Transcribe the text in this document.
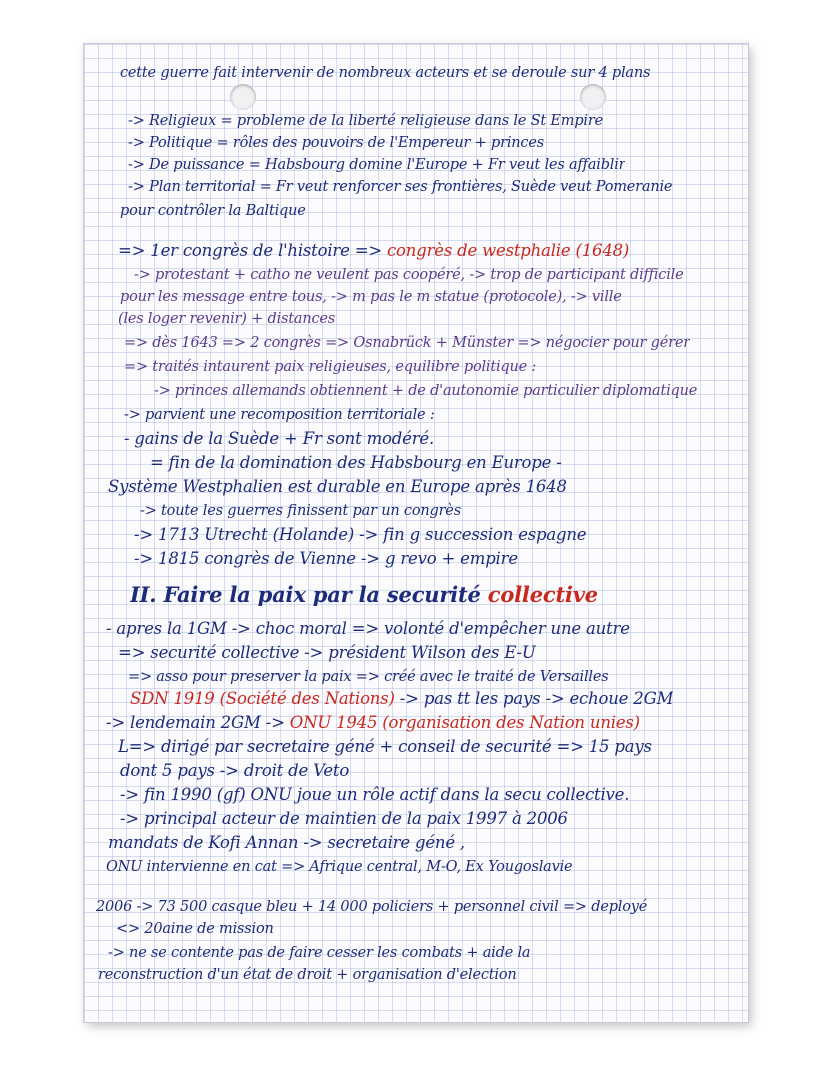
cette guerre fait intervenir de nombreux acteurs et se deroule sur 4 plans
-> Religieux = probleme de la liberté religieuse dans le St Empire
-> Politique = rôles des pouvoirs de l'Empereur + princes
-> De puissance = Habsbourg domine l'Europe + Fr veut les affaiblir
-> Plan territorial = Fr veut renforcer ses frontières, Suède veut Pomeranie
pour contrôler la Baltique
=> 1er congrès de l'histoire => congrès de westphalie (1648)
-> protestant + catho ne veulent pas coopéré, -> trop de participant difficile
pour les message entre tous, -> m pas le m statue (protocole), -> ville
(les loger revenir) + distances
=> dès 1643 => 2 congrès => Osnabrück + Münster => négocier pour gérer
=> traités intaurent paix religieuses, equilibre politique :
-> princes allemands obtiennent + de d'autonomie particulier diplomatique
-> parvient une recomposition territoriale :
- gains de la Suède + Fr sont modéré.
= fin de la domination des Habsbourg en Europe -
Système Westphalien est durable en Europe après 1648
-> toute les guerres finissent par un congrès
-> 1713 Utrecht (Holande) -> fin g succession espagne
-> 1815 congrès de Vienne -> g revo + empire
II. Faire la paix par la securité collective
- apres la 1GM -> choc moral => volonté d'empêcher une autre
=> securité collective -> président Wilson des E-U
=> asso pour preserver la paix => créé avec le traité de Versailles
SDN 1919 (Société des Nations) -> pas tt les pays -> echoue 2GM
-> lendemain 2GM -> ONU 1945 (organisation des Nation unies)
L=> dirigé par secretaire géné + conseil de securité => 15 pays
dont 5 pays -> droit de Veto
-> fin 1990 (gf) ONU joue un rôle actif dans la secu collective.
-> principal acteur de maintien de la paix 1997 à 2006
mandats de Kofi Annan -> secretaire géné ,
ONU intervienne en cat => Afrique central, M-O, Ex Yougoslavie
2006 -> 73 500 casque bleu + 14 000 policiers + personnel civil => deployé
<> 20aine de mission
-> ne se contente pas de faire cesser les combats + aide la
reconstruction d'un état de droit + organisation d'election
